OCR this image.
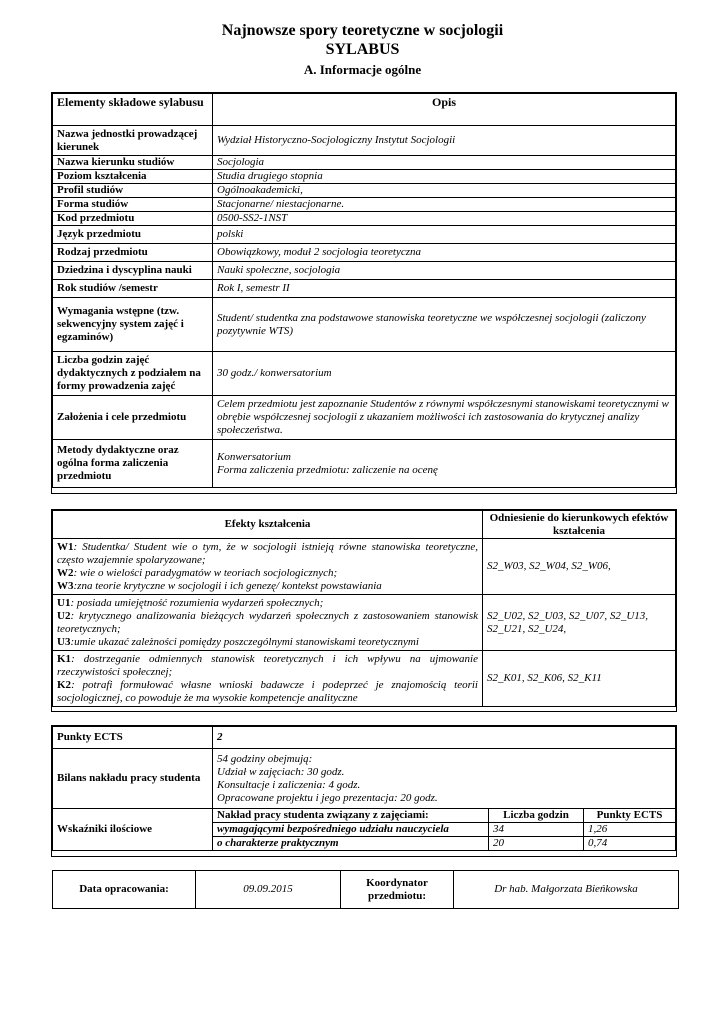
Najnowsze spory teoretyczne w socjologii
SYLABUS
A. Informacje ogólne
Elementy składowe sylabusu	Opis
Nazwa jednostki prowadzącej kierunek	Wydział Historyczno-Socjologiczny Instytut Socjologii
Nazwa kierunku studiów	Socjologia
Poziom kształcenia	Studia drugiego stopnia
Profil studiów	Ogólnoakademicki,
Forma studiów	Stacjonarne/ niestacjonarne.
Kod przedmiotu	0500-SS2-1NST
Język przedmiotu	polski
Rodzaj przedmiotu	Obowiązkowy, moduł 2 socjologia teoretyczna
Dziedzina i dyscyplina nauki	Nauki społeczne, socjologia
Rok studiów /semestr	Rok I, semestr II
Wymagania wstępne (tzw. sekwencyjny system zajęć i egzaminów)	Student/ studentka zna podstawowe stanowiska teoretyczne we współczesnej socjologii (zaliczony pozytywnie WTS)
Liczba godzin zajęć dydaktycznych z podziałem na formy prowadzenia zajęć	30 godz./ konwersatorium
Założenia i cele przedmiotu	Celem przedmiotu jest zapoznanie Studentów z równymi współczesnymi stanowiskami teoretycznymi w obrębie współczesnej socjologii z ukazaniem możliwości ich zastosowania do krytycznej analizy społeczeństwa.
Metody dydaktyczne oraz ogólna forma zaliczenia przedmiotu	Konwersatorium
Forma zaliczenia przedmiotu: zaliczenie na ocenę
Efekty kształcenia	Odniesienie do kierunkowych efektów kształcenia

W1: Studentka/ Student wie o tym, że w socjologii istnieją równe stanowiska teoretyczne, często wzajemnie spolaryzowane;
W2: wie o wielości paradygmatów w teoriach socjologicznych;
W3:zna teorie krytyczne w socjologii i ich genezę/ kontekst powstawiania	S2_W03, S2_W04, S2_W06,

U1: posiada umiejętność rozumienia wydarzeń społecznych;
U2: krytycznego analizowania bieżących wydarzeń społecznych z zastosowaniem stanowisk teoretycznych;
U3:umie ukazać zależności pomiędzy poszczególnymi stanowiskami teoretycznymi	S2_U02, S2_U03, S2_U07, S2_U13, S2_U21, S2_U24,

K1: dostrzeganie odmiennych stanowisk teoretycznych i ich wpływu na ujmowanie rzeczywistości społecznej;
K2: potrafi formułować własne wnioski badawcze i podeprzeć je znajomością teorii socjologicznej, co powoduje że ma wysokie kompetencje analityczne	S2_K01, S2_K06, S2_K11
Punkty ECTS	2		
Bilans nakładu pracy studenta	54 godziny obejmują:
Udział w zajęciach: 30 godz.
Konsultacje i zaliczenia: 4 godz.
Opracowane projektu i jego prezentacja: 20 godz.		

Wskaźniki ilościowe	Nakład pracy studenta związany z zajęciami:	Liczba godzin	Punkty ECTS
	wymagającymi bezpośredniego udziału nauczyciela	34	1,26
	o charakterze praktycznym	20	0,74
Data opracowania:	09.09.2015	Koordynator przedmiotu:	Dr hab. Małgorzata Bieńkowska
